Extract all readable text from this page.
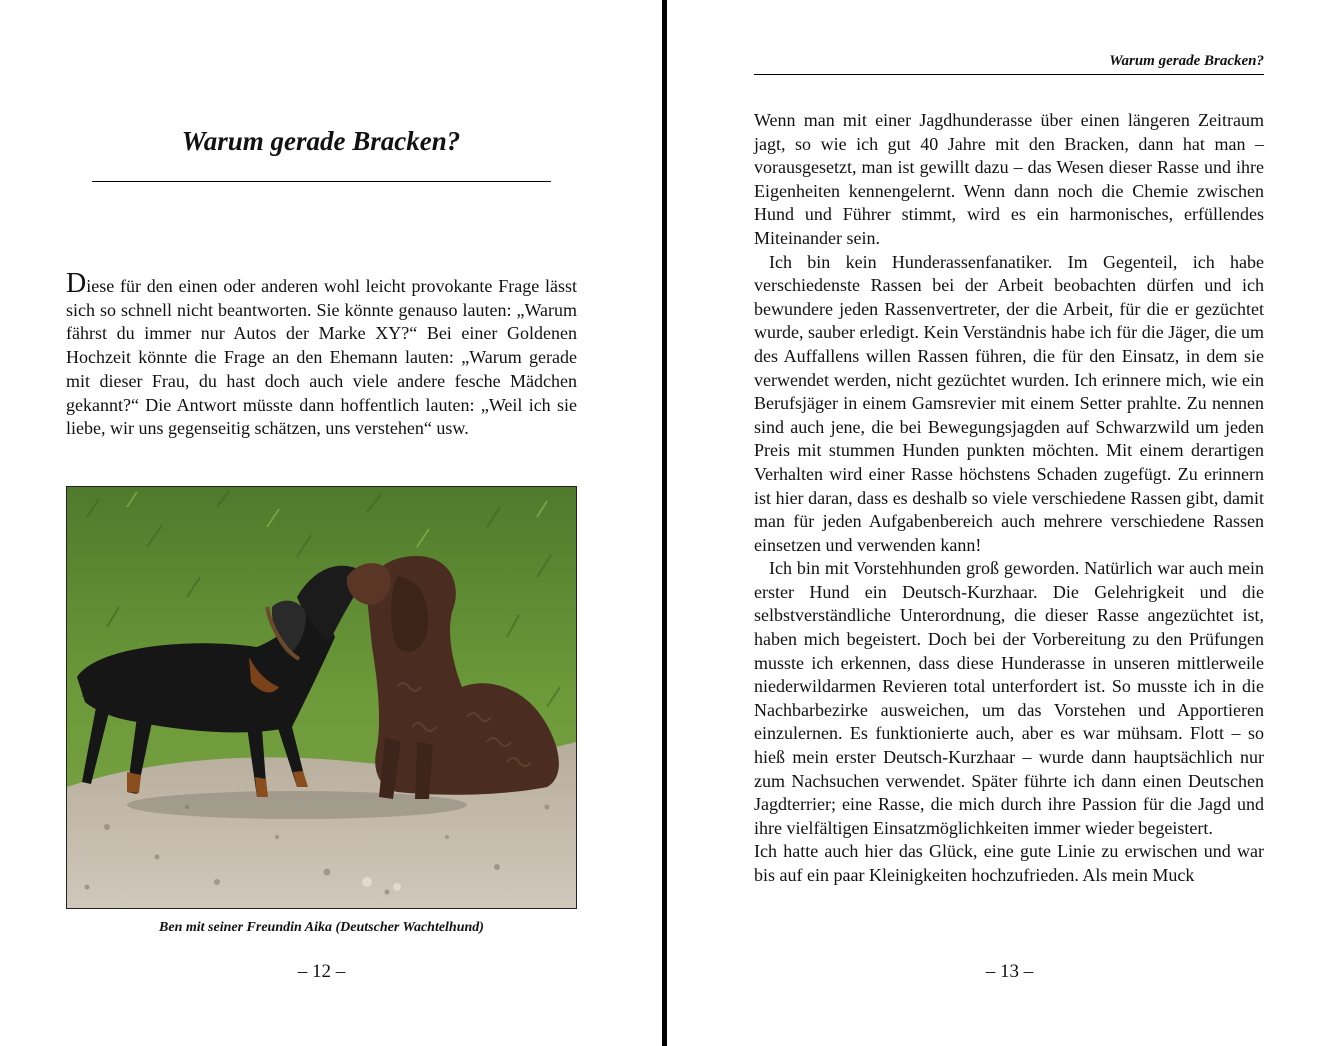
Warum gerade Bracken?

Diese für den einen oder anderen wohl leicht provokante Frage lässt sich so schnell nicht beantworten. Sie könnte genauso lauten: „Warum fährst du immer nur Autos der Marke XY?“ Bei einer Goldenen Hochzeit könnte die Frage an den Ehemann lauten: „Warum gerade mit dieser Frau, du hast doch auch viele andere fesche Mädchen gekannt?“ Die Antwort müsste dann hoffentlich lauten: „Weil ich sie liebe, wir uns gegenseitig schätzen, uns verstehen“ usw.

Ben mit seiner Freundin Aika (Deutscher Wachtelhund)
– 12 –
Warum gerade Bracken?

Wenn man mit einer Jagdhunderasse über einen längeren Zeitraum jagt, so wie ich gut 40 Jahre mit den Bracken, dann hat man – vorausgesetzt, man ist gewillt dazu – das Wesen dieser Rasse und ihre Eigenheiten kennengelernt. Wenn dann noch die Chemie zwischen Hund und Führer stimmt, wird es ein harmonisches, erfüllendes Miteinander sein.

Ich bin kein Hunderassenfanatiker. Im Gegenteil, ich habe verschiedenste Rassen bei der Arbeit beobachten dürfen und ich bewundere jeden Rassenvertreter, der die Arbeit, für die er gezüchtet wurde, sauber erledigt. Kein Verständnis habe ich für die Jäger, die um des Auffallens willen Rassen führen, die für den Einsatz, in dem sie verwendet werden, nicht gezüchtet wurden. Ich erinnere mich, wie ein Berufsjäger in einem Gamsrevier mit einem Setter prahlte. Zu nennen sind auch jene, die bei Bewegungsjagden auf Schwarzwild um jeden Preis mit stummen Hunden punkten möchten. Mit einem derartigen Verhalten wird einer Rasse höchstens Schaden zugefügt. Zu erinnern ist hier daran, dass es deshalb so viele verschiedene Rassen gibt, damit man für jeden Aufgabenbereich auch mehrere verschiedene Rassen einsetzen und verwenden kann!

Ich bin mit Vorstehhunden groß geworden. Natürlich war auch mein erster Hund ein Deutsch-Kurzhaar. Die Gelehrigkeit und die selbstverständliche Unterordnung, die dieser Rasse angezüchtet ist, haben mich begeistert. Doch bei der Vorbereitung zu den Prüfungen musste ich erkennen, dass diese Hunderasse in unseren mittlerweile niederwildarmen Revieren total unterfordert ist. So musste ich in die Nachbarbezirke ausweichen, um das Vorstehen und Apportieren einzulernen. Es funktionierte auch, aber es war mühsam. Flott – so hieß mein erster Deutsch-Kurzhaar – wurde dann hauptsächlich nur zum Nachsuchen verwendet. Später führte ich dann einen Deutschen Jagdterrier; eine Rasse, die mich durch ihre Passion für die Jagd und ihre vielfältigen Einsatzmöglichkeiten immer wieder begeistert.

Ich hatte auch hier das Glück, eine gute Linie zu erwischen und war bis auf ein paar Kleinigkeiten hochzufrieden. Als mein Muck

– 13 –
